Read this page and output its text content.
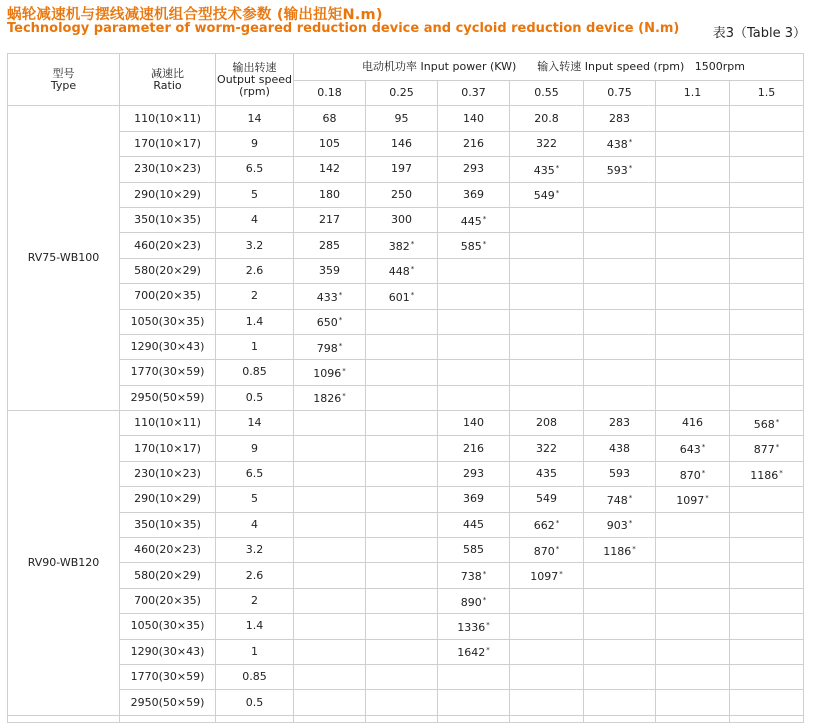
蜗轮减速机与摆线减速机组合型技术参数 (输出扭矩N.m)
Technology parameter of worm-geared reduction device and cycloid reduction device (N.m)	表3（Table 3）
型号
Type	减速比
Ratio	输出转速
Output speed
(rpm)	电动机功率 Input power (KW)      输入转速 Input speed (rpm)   1500rpm						
			0.18	0.25	0.37	0.55	0.75	1.1	1.5
RV75-WB100	110(10×11)	14	68	95	140	20.8	283		
	170(10×17)	9	105	146	216	322	438*		
	230(10×23)	6.5	142	197	293	435*	593*		
	290(10×29)	5	180	250	369	549*			
	350(10×35)	4	217	300	445*				
	460(20×23)	3.2	285	382*	585*				
	580(20×29)	2.6	359	448*					
	700(20×35)	2	433*	601*					
	1050(30×35)	1.4	650*						
	1290(30×43)	1	798*						
	1770(30×59)	0.85	1096*						
	2950(50×59)	0.5	1826*						
RV90-WB120	110(10×11)	14			140	208	283	416	568*
	170(10×17)	9			216	322	438	643*	877*
	230(10×23)	6.5			293	435	593	870*	1186*
	290(10×29)	5			369	549	748*	1097*	
	350(10×35)	4			445	662*	903*		
	460(20×23)	3.2			585	870*	1186*		
	580(20×29)	2.6			738*	1097*			
	700(20×35)	2			890*				
	1050(30×35)	1.4			1336*				
	1290(30×43)	1			1642*				
	1770(30×59)	0.85							
	2950(50×59)	0.5							
